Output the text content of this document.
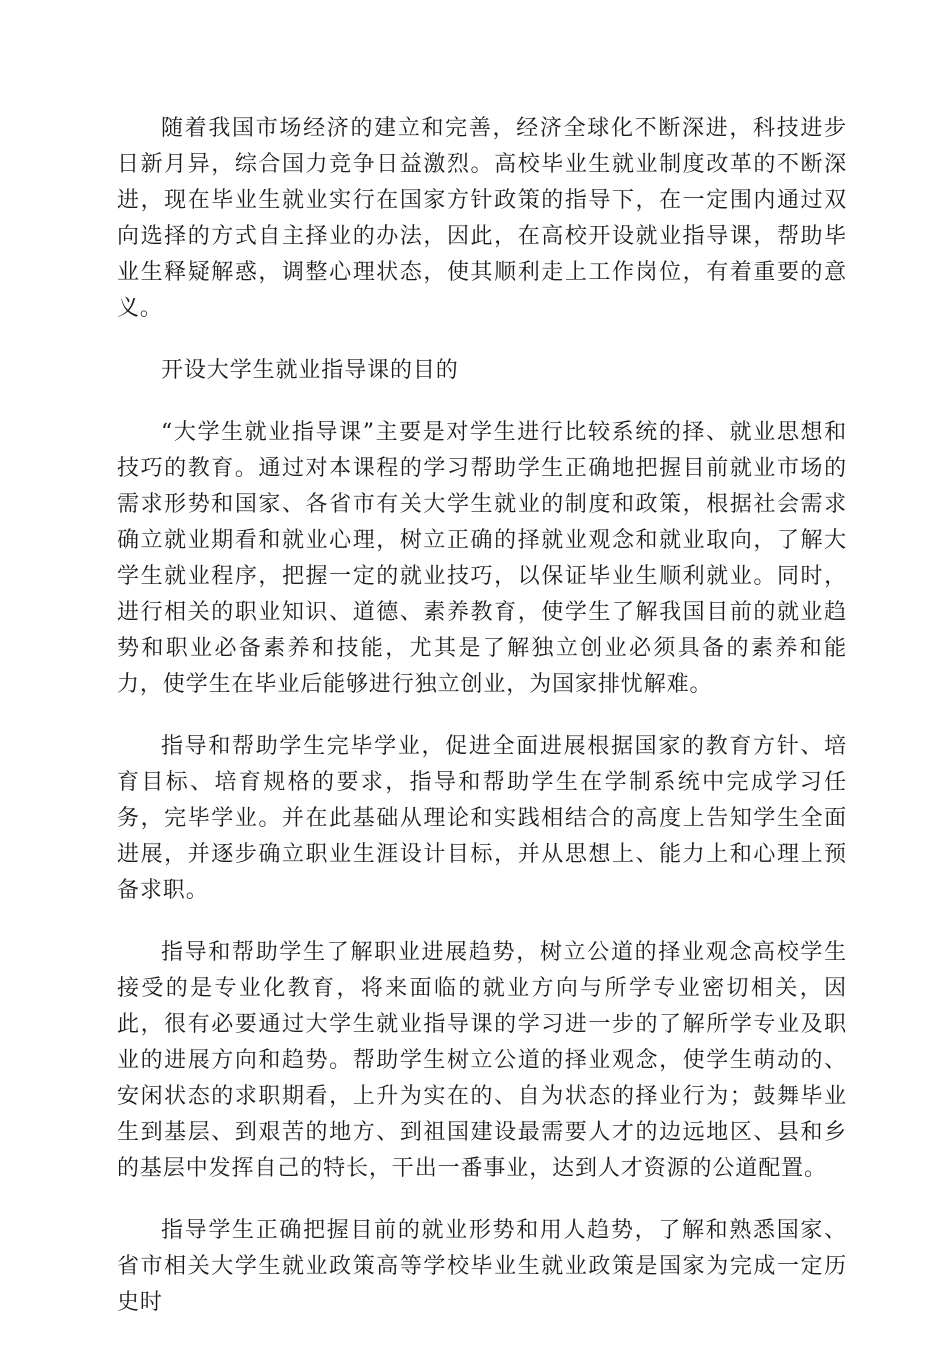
随着我国市场经济的建立和完善，经济全球化不断深进，科技进步日新月异，综合国力竞争日益激烈。高校毕业生就业制度改革的不断深进，现在毕业生就业实行在国家方针政策的指导下，在一定围内通过双向选择的方式自主择业的办法，因此，在高校开设就业指导课，帮助毕业生释疑解惑，调整心理状态，使其顺利走上工作岗位，有着重要的意义。

开设大学生就业指导课的目的

“大学生就业指导课”主要是对学生进行比较系统的择、就业思想和技巧的教育。通过对本课程的学习帮助学生正确地把握目前就业市场的需求形势和国家、各省市有关大学生就业的制度和政策，根据社会需求确立就业期看和就业心理，树立正确的择就业观念和就业取向，了解大学生就业程序，把握一定的就业技巧，以保证毕业生顺利就业。同时，进行相关的职业知识、道德、素养教育，使学生了解我国目前的就业趋势和职业必备素养和技能，尤其是了解独立创业必须具备的素养和能力，使学生在毕业后能够进行独立创业，为国家排忧解难。

指导和帮助学生完毕学业，促进全面进展根据国家的教育方针、培育目标、培育规格的要求，指导和帮助学生在学制系统中完成学习任务，完毕学业。并在此基础从理论和实践相结合的高度上告知学生全面进展，并逐步确立职业生涯设计目标，并从思想上、能力上和心理上预备求职。

指导和帮助学生了解职业进展趋势，树立公道的择业观念高校学生接受的是专业化教育，将来面临的就业方向与所学专业密切相关，因此，很有必要通过大学生就业指导课的学习进一步的了解所学专业及职业的进展方向和趋势。帮助学生树立公道的择业观念，使学生萌动的、安闲状态的求职期看，上升为实在的、自为状态的择业行为；鼓舞毕业生到基层、到艰苦的地方、到祖国建设最需要人才的边远地区、县和乡的基层中发挥自己的特长，干出一番事业，达到人才资源的公道配置。

指导学生正确把握目前的就业形势和用人趋势，了解和熟悉国家、省市相关大学生就业政策高等学校毕业生就业政策是国家为完成一定历史时
